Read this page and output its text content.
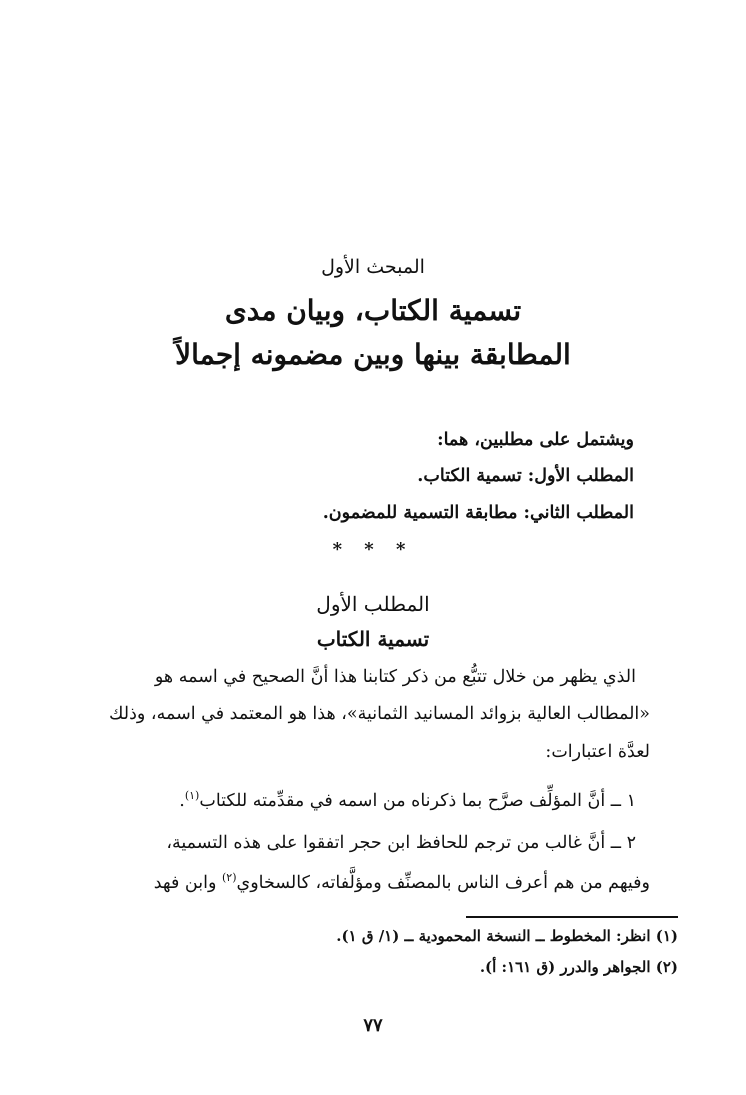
المبحث الأول
تسمية الكتاب، وبيان مدى
المطابقة بينها وبين مضمونه إجمالاً
ويشتمل على مطلبين، هما:
المطلب الأول: تسمية الكتاب.
المطلب الثاني: مطابقة التسمية للمضمون.
* * *
المطلب الأول
تسمية الكتاب
الذي يظهر من خلال تتبُّع من ذكر كتابنا هذا أنَّ الصحيح في اسمه هو
«المطالب العالية بزوائد المسانيد الثمانية»، هذا هو المعتمد في اسمه، وذلك
لعدَّة اعتبارات:
١ ــ أنَّ المؤلِّف صرَّح بما ذكرناه من اسمه في مقدِّمته للكتاب$^{(١)}$.
٢ ــ أنَّ غالب من ترجم للحافظ ابن حجر اتفقوا على هذه التسمية،
وفيهم من هم أعرف الناس بالمصنِّف ومؤلَّفاته، كالسخاوي$^{(٢)}$ وابن فهد
(١) انظر: المخطوط ــ النسخة المحمودية ــ (١/ ق ١).
(٢) الجواهر والدرر (ق ١٦١: أ).
٧٧
